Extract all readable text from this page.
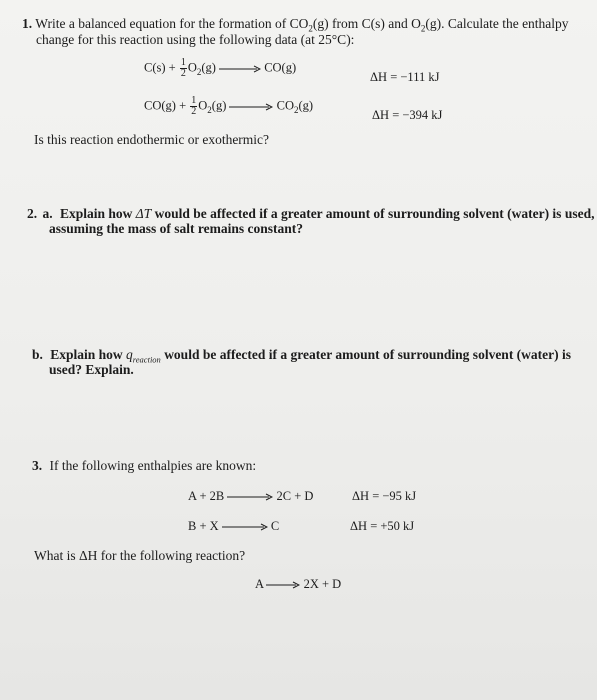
1. Write a balanced equation for the formation of $CO_2(g)$ from C(s) and $O_2(g)$. Calculate the enthalpy
change for this reaction using the following data (at 25°C):
$C(s) + \frac{1}{2} O_2(g) \to CO(g)$
ΔH = −111 kJ
$CO(g) + \frac{1}{2} O_2(g) \to CO_2(g)$
ΔH = −394 kJ
Is this reaction endothermic or exothermic?
2. a. Explain how ΔT would be affected if a greater amount of surrounding solvent (water) is used,
assuming the mass of salt remains constant?
b. Explain how $q_{reaction}$ would be affected if a greater amount of surrounding solvent (water) is
used? Explain.
3. If the following enthalpies are known:
A + 2B → 2C + D	ΔH = −95 kJ
B + X → C	ΔH = +50 kJ
What is ΔH for the following reaction?
A → 2X + D
